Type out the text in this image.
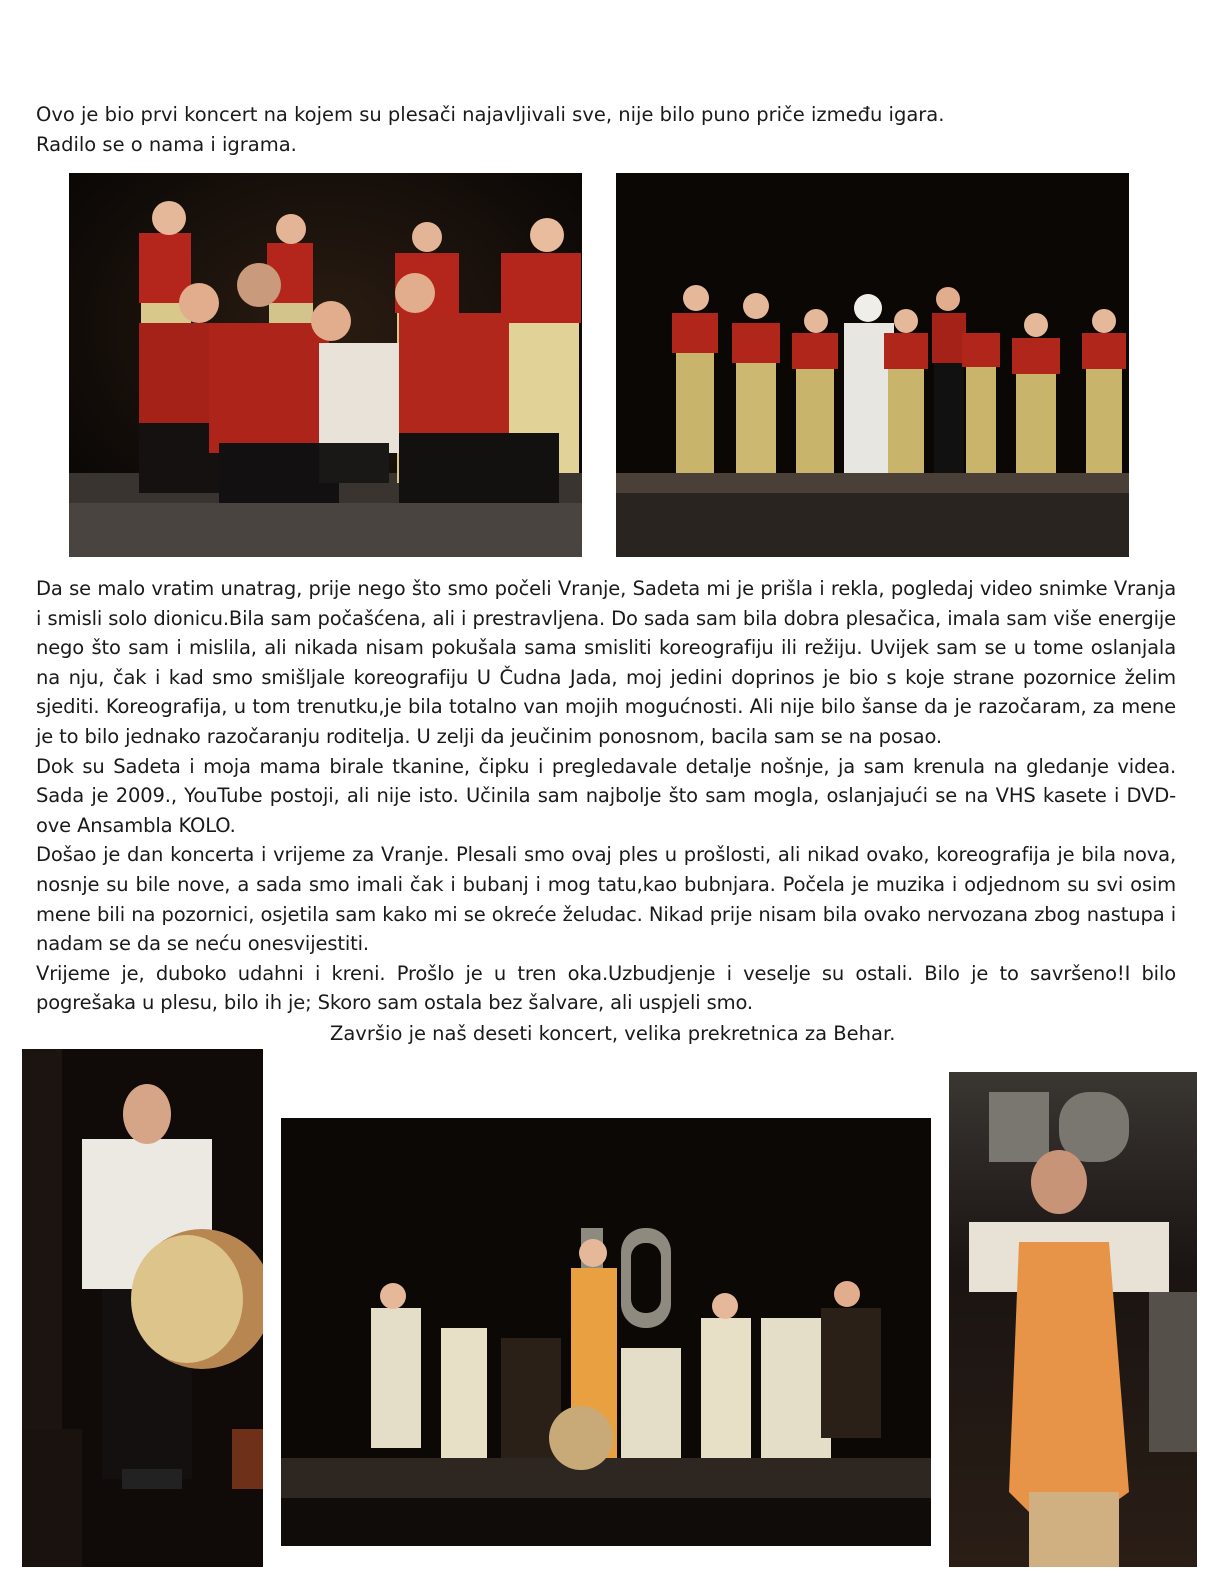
Ovo je bio prvi koncert na kojem su plesači najavljivali sve, nije bilo puno priče između igara.

Radilo se o nama i igrama.

Da se malo vratim unatrag, prije nego što smo počeli Vranje, Sadeta mi je prišla i rekla, pogledaj video snimke Vranja i smisli solo dionicu.Bila sam počašćena, ali i prestravljena. Do sada sam bila dobra plesačica, imala sam više energije nego što sam i mislila, ali nikada nisam pokušala sama smisliti koreografiju ili režiju. Uvijek sam se u tome oslanjala na nju, čak i kad smo smišljale koreografiju U Čudna Jada, moj jedini doprinos je bio s koje strane pozornice želim sjediti. Koreografija, u tom trenutku,je bila totalno van mojih mogućnosti. Ali nije bilo šanse da je razočaram, za mene je to bilo jednako razočaranju roditelja. U zelji da jeučinim ponosnom, bacila sam se na posao.

Dok su Sadeta i moja mama birale tkanine, čipku i pregledavale detalje nošnje, ja sam krenula na gledanje videa. Sada je 2009., YouTube postoji, ali nije isto. Učinila sam najbolje što sam mogla, oslanjajući se na VHS kasete i DVD-ove Ansambla KOLO.

Došao je dan koncerta i vrijeme za Vranje. Plesali smo ovaj ples u prošlosti, ali nikad ovako, koreografija je bila nova, nosnje su bile nove, a sada smo imali čak i bubanj i mog tatu,kao bubnjara. Počela je muzika i odjednom su svi osim mene bili na pozornici, osjetila sam kako mi se okreće želudac. Nikad prije nisam bila ovako nervozana zbog nastupa i nadam se da se neću onesvijestiti.

Vrijeme je, duboko udahni i kreni. Prošlo je u tren oka.Uzbudjenje i veselje su ostali. Bilo je to savršeno!I bilo pogrešaka u plesu, bilo ih je; Skoro sam ostala bez šalvare, ali uspjeli smo.

Završio je naš deseti koncert, velika prekretnica za Behar.
